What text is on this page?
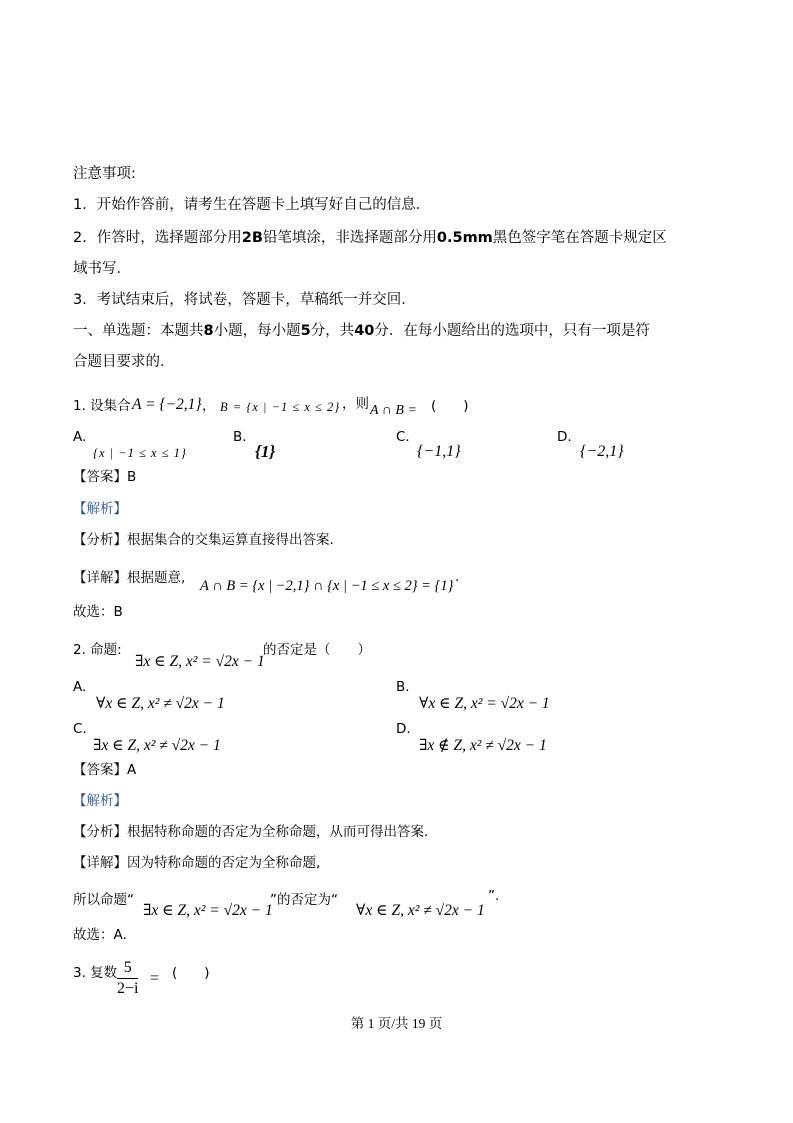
注意事项:
1．开始作答前，请考生在答题卡上填写好自己的信息．
2．作答时，选择题部分用2B铅笔填涂，非选择题部分用0.5mm黑色签字笔在答题卡规定区
域书写．
3．考试结束后，将试卷，答题卡，草稿纸一并交回．
一、单选题：本题共8小题，每小题5分，共40分．在每小题给出的选项中，只有一项是符
合题目要求的．
1. 设集合 A = {−2,1} ， B = {x | −1 ≤ x ≤ 2} ，则 A ∩ B = (　　)
A.
{x | −1 ≤ x ≤ 1}
B.
{1}
C.
{−1,1}
D.
{−2,1}
【答案】B
【解析】
【分析】根据集合的交集运算直接得出答案.
【详解】根据题意, A ∩ B = {x | −2,1} ∩ {x | −1 ≤ x ≤ 2} = {1}
.
故选：B
2. 命题:
∃x ∈ Z, x² = √2x − 1
的否定是（　　）
A.
∀x ∈ Z, x² ≠ √2x − 1
B.
∀x ∈ Z, x² = √2x − 1
C.
∃x ∈ Z, x² ≠ √2x − 1
D.
∃x ∉ Z, x² ≠ √2x − 1
【答案】A
【解析】
【分析】根据特称命题的否定为全称命题，从而可得出答案.
【详解】因为特称命题的否定为全称命题,
所以命题“
∃x ∈ Z, x² = √2x − 1
”的否定为“
∀x ∈ Z, x² ≠ √2x − 1
”.
故选：A.
3. 复数 $\frac{5}{2-i}$ = (　　)
第 1 页/共 19 页
